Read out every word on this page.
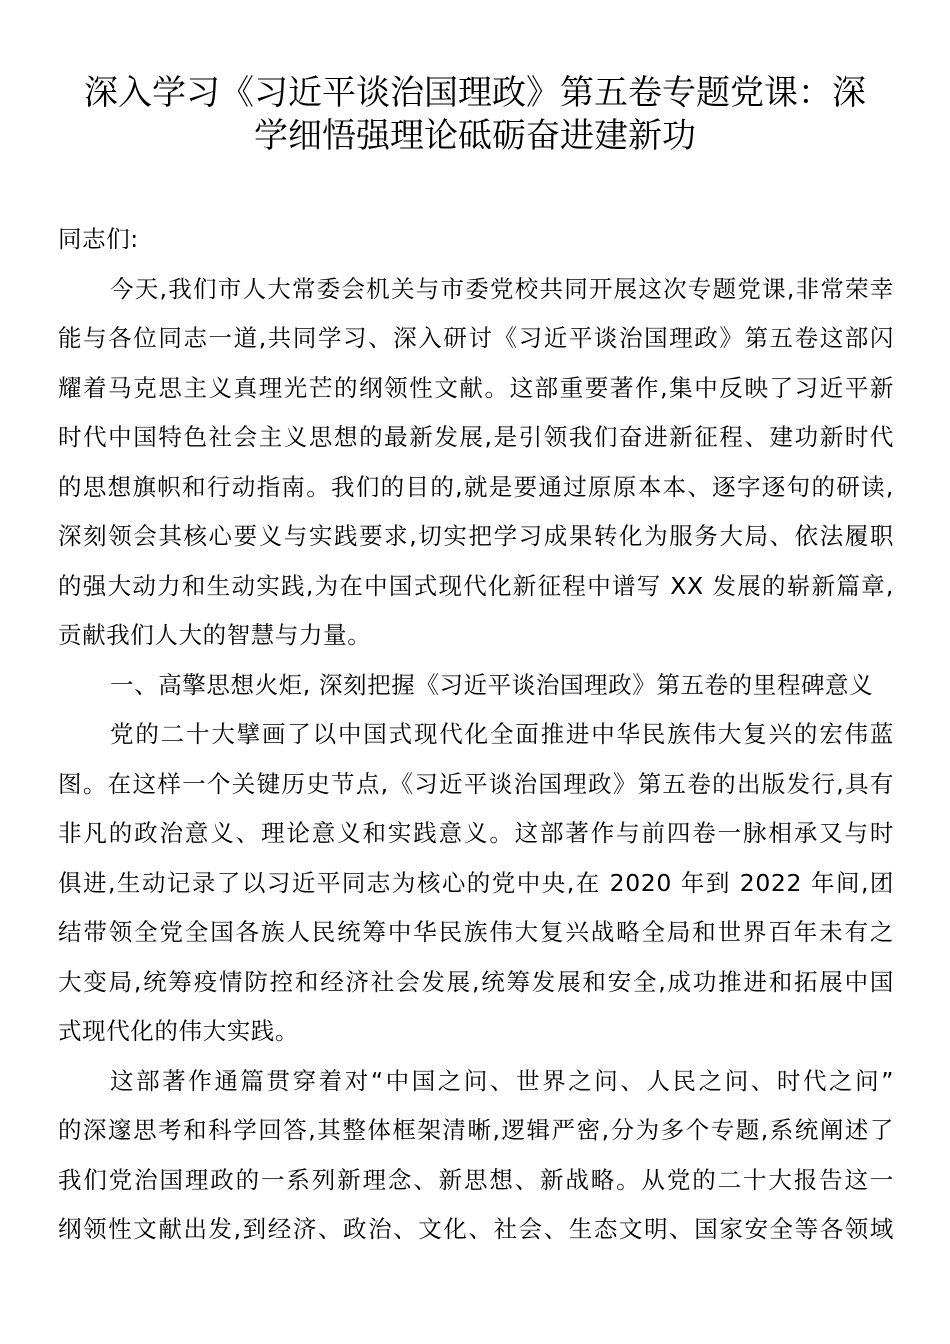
深入学习《习近平谈治国理政》第五卷专题党课：深
学细悟强理论砥砺奋进建新功
同志们:
今天,我们市人大常委会机关与市委党校共同开展这次专题党课,非常荣幸
能与各位同志一道,共同学习、深入研讨《习近平谈治国理政》第五卷这部闪
耀着马克思主义真理光芒的纲领性文献。这部重要著作,集中反映了习近平新
时代中国特色社会主义思想的最新发展,是引领我们奋进新征程、建功新时代
的思想旗帜和行动指南。我们的目的,就是要通过原原本本、逐字逐句的研读,
深刻领会其核心要义与实践要求,切实把学习成果转化为服务大局、依法履职
的强大动力和生动实践,为在中国式现代化新征程中谱写 XX 发展的崭新篇章,
贡献我们人大的智慧与力量。
一、高擎思想火炬, 深刻把握《习近平谈治国理政》第五卷的里程碑意义
党的二十大擘画了以中国式现代化全面推进中华民族伟大复兴的宏伟蓝
图。在这样一个关键历史节点,《习近平谈治国理政》第五卷的出版发行,具有
非凡的政治意义、理论意义和实践意义。这部著作与前四卷一脉相承又与时
俱进,生动记录了以习近平同志为核心的党中央,在 2020 年到 2022 年间,团
结带领全党全国各族人民统筹中华民族伟大复兴战略全局和世界百年未有之
大变局,统筹疫情防控和经济社会发展,统筹发展和安全,成功推进和拓展中国
式现代化的伟大实践。
这部著作通篇贯穿着对“中国之问、世界之问、人民之问、时代之问”
的深邃思考和科学回答,其整体框架清晰,逻辑严密,分为多个专题,系统阐述了
我们党治国理政的一系列新理念、新思想、新战略。从党的二十大报告这一
纲领性文献出发,到经济、政治、文化、社会、生态文明、国家安全等各领域
